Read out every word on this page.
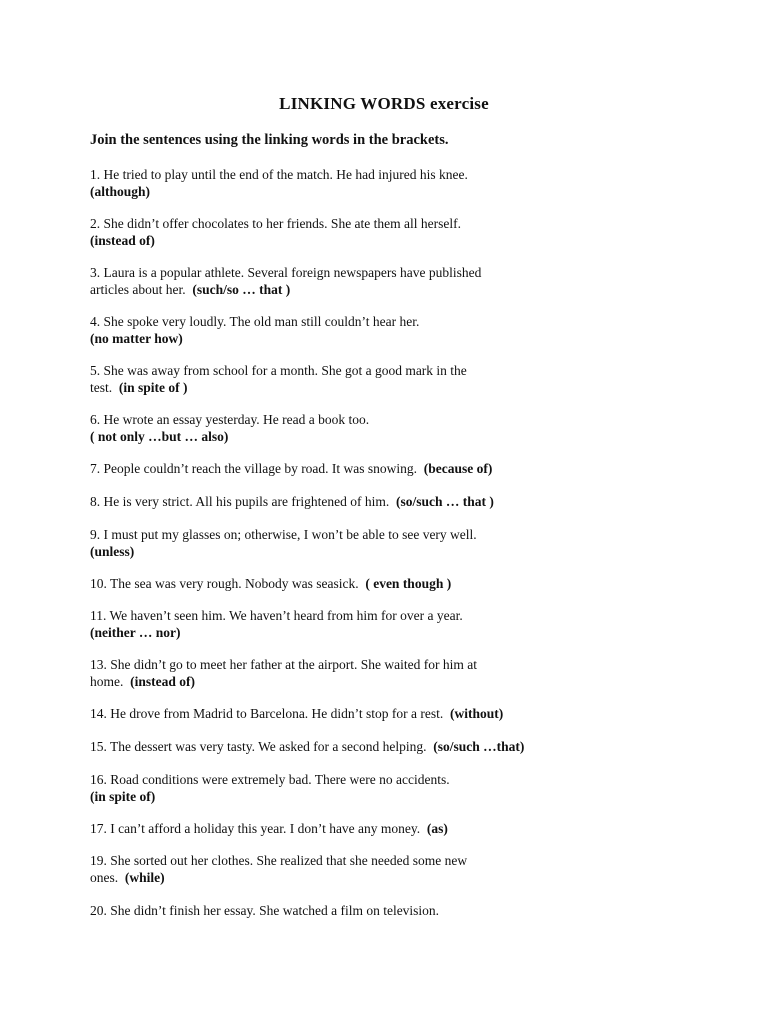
LINKING WORDS exercise
Join the sentences using the linking words in the brackets.
1. He tried to play until the end of the match. He had injured his knee.
(although)
2. She didn’t offer chocolates to her friends. She ate them all herself.
(instead of)
3. Laura is a popular athlete. Several foreign newspapers have published
articles about her. (such/so … that )
4. She spoke very loudly. The old man still couldn’t hear her.
(no matter how)
5. She was away from school for a month. She got a good mark in the
test. (in spite of )
6. He wrote an essay yesterday. He read a book too.
( not only …but … also)
7. People couldn’t reach the village by road. It was snowing. (because of)
8. He is very strict. All his pupils are frightened of him. (so/such … that )
9. I must put my glasses on; otherwise, I won’t be able to see very well.
(unless)
10. The sea was very rough. Nobody was seasick. ( even though )
11. We haven’t seen him. We haven’t heard from him for over a year.
(neither … nor)
13. She didn’t go to meet her father at the airport. She waited for him at
home. (instead of)
14. He drove from Madrid to Barcelona. He didn’t stop for a rest. (without)
15. The dessert was very tasty. We asked for a second helping. (so/such …that)
16. Road conditions were extremely bad. There were no accidents.
(in spite of)
17. I can’t afford a holiday this year. I don’t have any money. (as)
19. She sorted out her clothes. She realized that she needed some new
ones. (while)
20. She didn’t finish her essay. She watched a film on television.
